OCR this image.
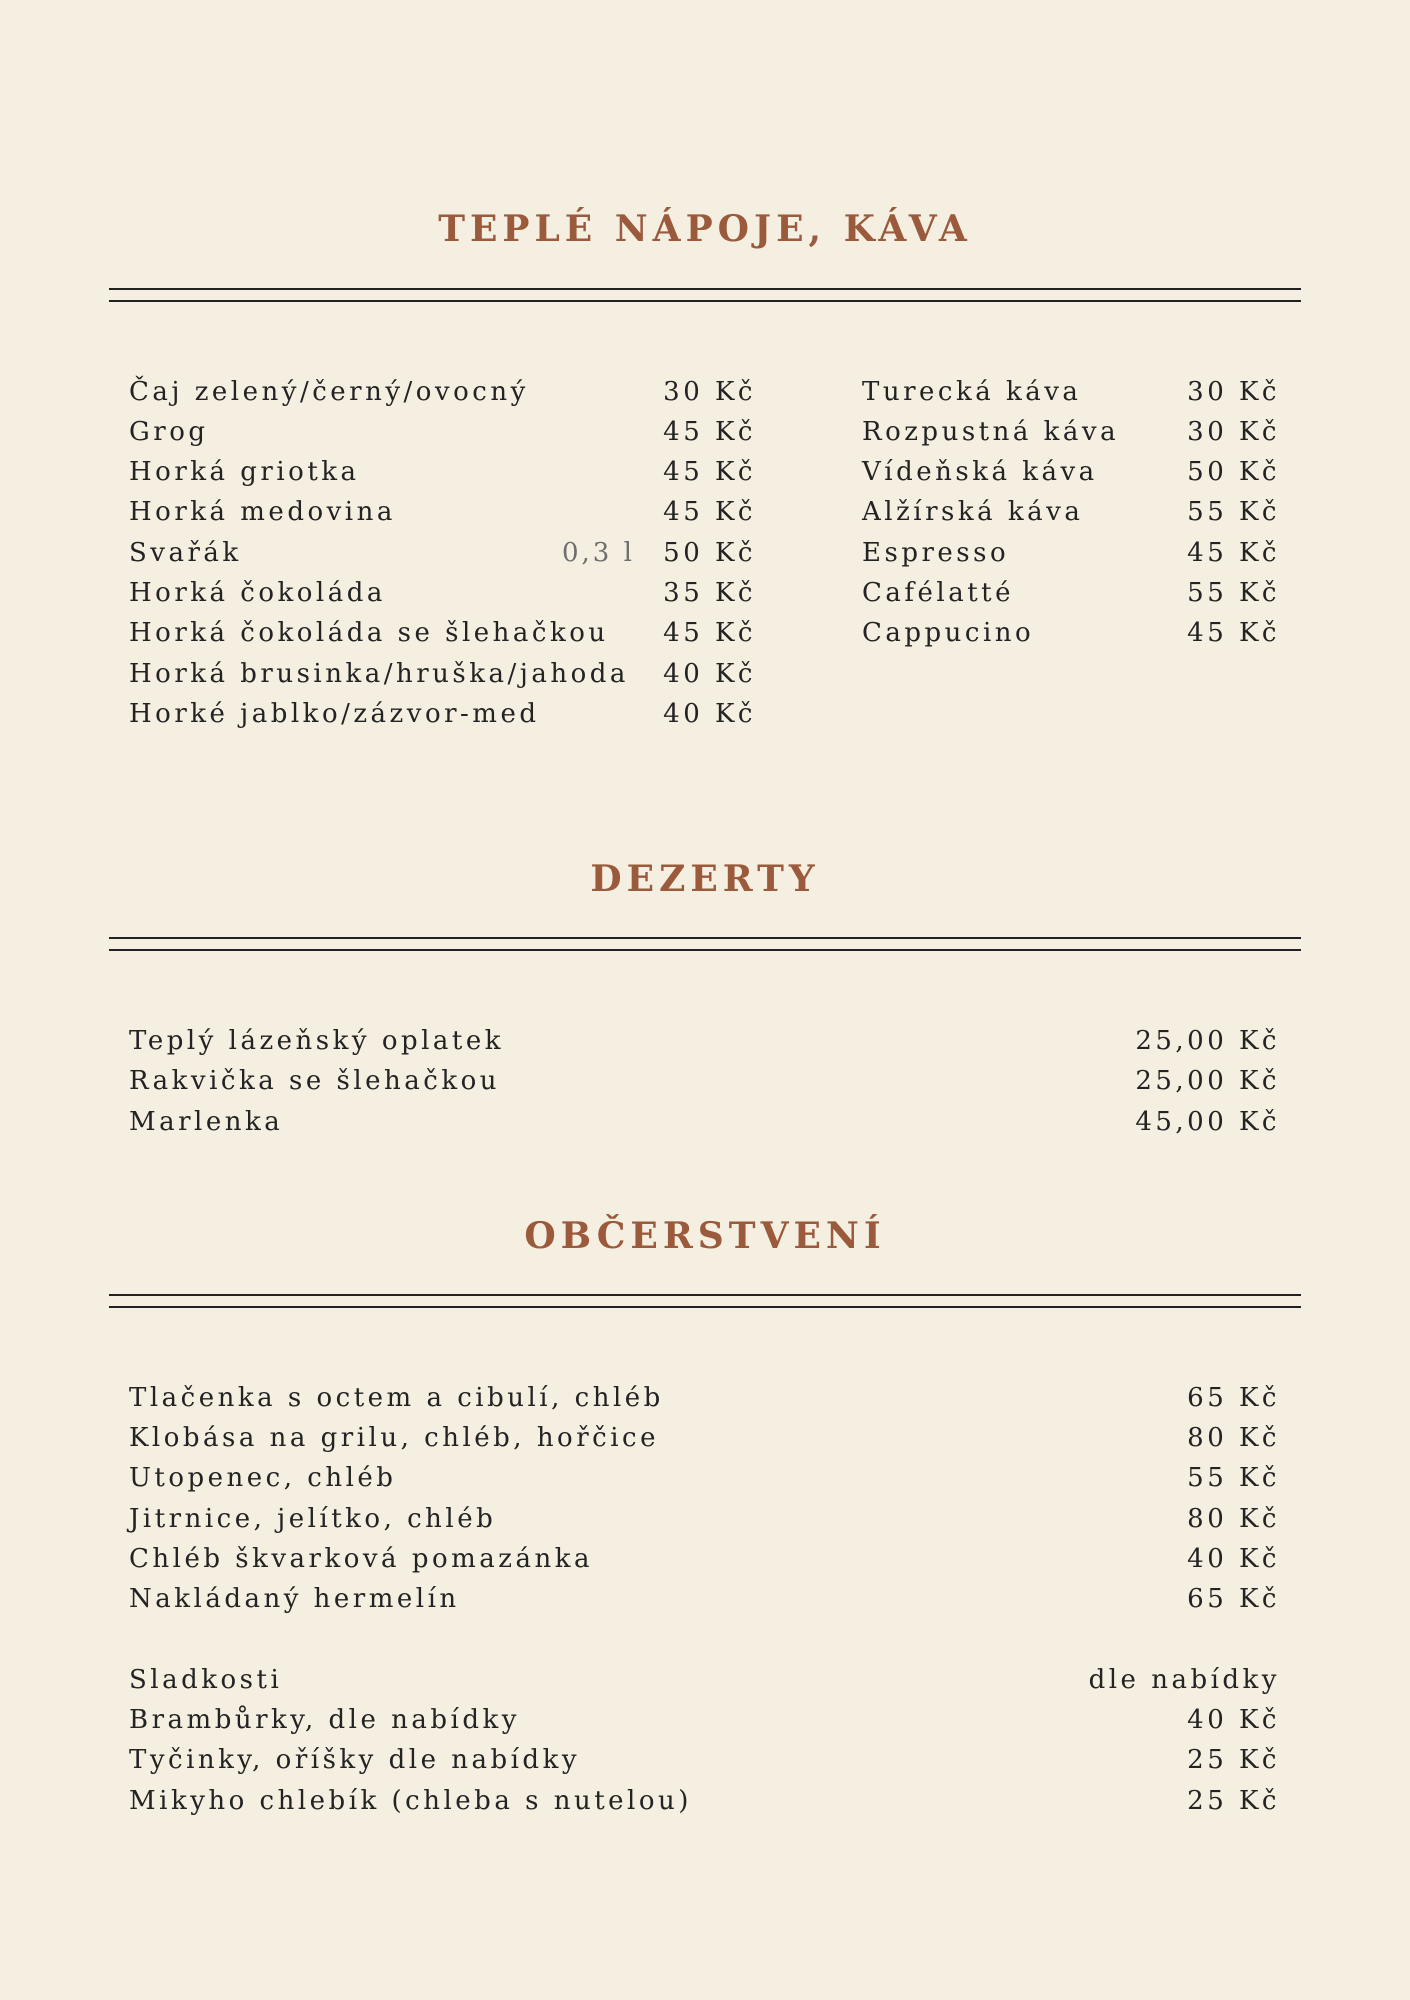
TEPLÉ NÁPOJE, KÁVA
Čaj zelený/černý/ovocný	30 Kč
Grog	45 Kč
Horká griotka	45 Kč
Horká medovina	45 Kč
Svařák	0,3 l 50 Kč
Horká čokoláda	35 Kč
Horká čokoláda se šlehačkou 45 Kč
Horká brusinka/hruška/jahoda 40 Kč
Horké jablko/zázvor-med	40 Kč
Turecká káva	30 Kč
Rozpustná káva	30 Kč
Vídeňská káva	50 Kč
Alžírská káva	55 Kč
Espresso	45 Kč
Cafélatté	55 Kč
Cappucino	45 Kč
DEZERTY
Teplý lázeňský oplatek	25,00 Kč
Rakvička se šlehačkou	25,00 Kč
Marlenka	45,00 Kč
OBČERSTVENÍ
Tlačenka s octem a cibulí, chléb	65 Kč
Klobása na grilu, chléb, hořčice	80 Kč
Utopenec, chléb	55 Kč
Jitrnice, jelítko, chléb	80 Kč
Chléb škvarková pomazánka	40 Kč
Nakládaný hermelín	65 Kč
Sladkosti	dle nabídky
Brambůrky, dle nabídky	40 Kč
Tyčinky, oříšky dle nabídky	25 Kč
Mikyho chlebík (chleba s nutelou)	25 Kč
